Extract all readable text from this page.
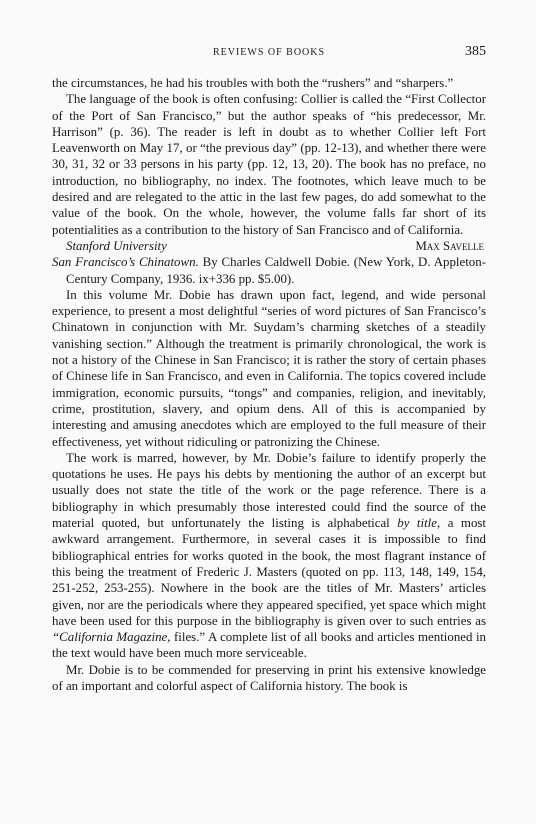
REVIEWS OF BOOKS	385

the circumstances, he had his troubles with both the “rushers” and “sharpers.”

The language of the book is often confusing: Collier is called the “First Collector of the Port of San Francisco,” but the author speaks of “his predecessor, Mr. Harrison” (p. 36). The reader is left in doubt as to whether Collier left Fort Leavenworth on May 17, or “the previous day” (pp. 12-13), and whether there were 30, 31, 32 or 33 persons in his party (pp. 12, 13, 20). The book has no preface, no introduction, no bibliography, no index. The footnotes, which leave much to be desired and are relegated to the attic in the last few pages, do add somewhat to the value of the book. On the whole, however, the volume falls far short of its potentialities as a contribution to the history of San Francisco and of California.

Stanford University	Max Savelle

San Francisco’s Chinatown. By Charles Caldwell Dobie. (New York, D. Appleton-Century Company, 1936. ix+336 pp. $5.00).

In this volume Mr. Dobie has drawn upon fact, legend, and wide personal experience, to present a most delightful “series of word pictures of San Francisco’s Chinatown in conjunction with Mr. Suydam’s charming sketches of a steadily vanishing section.” Although the treatment is primarily chronological, the work is not a history of the Chinese in San Francisco; it is rather the story of certain phases of Chinese life in San Francisco, and even in California. The topics covered include immigration, economic pursuits, “tongs” and companies, religion, and inevitably, crime, prostitution, slavery, and opium dens. All of this is accompanied by interesting and amusing anecdotes which are employed to the full measure of their effectiveness, yet without ridiculing or patronizing the Chinese.

The work is marred, however, by Mr. Dobie’s failure to identify properly the quotations he uses. He pays his debts by mentioning the author of an excerpt but usually does not state the title of the work or the page reference. There is a bibliography in which presumably those interested could find the source of the material quoted, but unfortunately the listing is alphabetical by title, a most awkward arrangement. Furthermore, in several cases it is impossible to find bibliographical entries for works quoted in the book, the most flagrant instance of this being the treatment of Frederic J. Masters (quoted on pp. 113, 148, 149, 154, 251-252, 253-255). Nowhere in the book are the titles of Mr. Masters’ articles given, nor are the periodicals where they appeared specified, yet space which might have been used for this purpose in the bibliography is given over to such entries as “California Magazine, files.” A complete list of all books and articles mentioned in the text would have been much more serviceable.

Mr. Dobie is to be commended for preserving in print his extensive knowledge of an important and colorful aspect of California history. The book is
